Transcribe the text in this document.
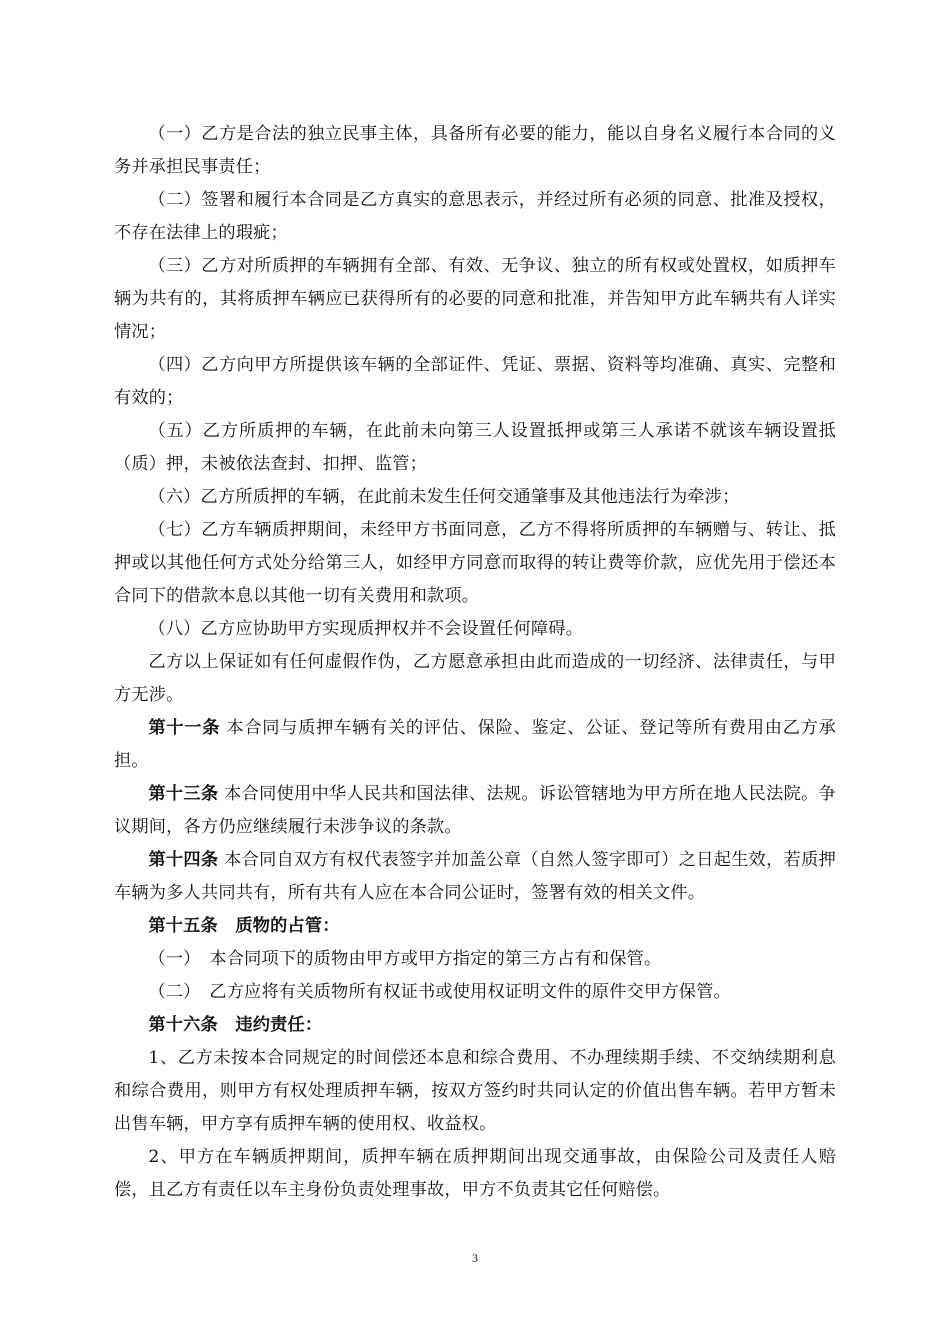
（一）乙方是合法的独立民事主体，具备所有必要的能力，能以自身名义履行本合同的义务并承担民事责任；

（二）签署和履行本合同是乙方真实的意思表示，并经过所有必须的同意、批准及授权，不存在法律上的瑕疵；

（三）乙方对所质押的车辆拥有全部、有效、无争议、独立的所有权或处置权，如质押车辆为共有的，其将质押车辆应已获得所有的必要的同意和批准，并告知甲方此车辆共有人详实情况；

（四）乙方向甲方所提供该车辆的全部证件、凭证、票据、资料等均准确、真实、完整和有效的；

（五）乙方所质押的车辆，在此前未向第三人设置抵押或第三人承诺不就该车辆设置抵（质）押，未被依法查封、扣押、监管；

（六）乙方所质押的车辆，在此前未发生任何交通肇事及其他违法行为牵涉；

（七）乙方车辆质押期间，未经甲方书面同意，乙方不得将所质押的车辆赠与、转让、抵押或以其他任何方式处分给第三人，如经甲方同意而取得的转让费等价款，应优先用于偿还本合同下的借款本息以其他一切有关费用和款项。

（八）乙方应协助甲方实现质押权并不会设置任何障碍。

乙方以上保证如有任何虚假作伪，乙方愿意承担由此而造成的一切经济、法律责任，与甲方无涉。

第十一条 本合同与质押车辆有关的评估、保险、鉴定、公证、登记等所有费用由乙方承担。

第十三条 本合同使用中华人民共和国法律、法规。诉讼管辖地为甲方所在地人民法院。争议期间，各方仍应继续履行未涉争议的条款。

第十四条 本合同自双方有权代表签字并加盖公章（自然人签字即可）之日起生效，若质押车辆为多人共同共有，所有共有人应在本合同公证时，签署有效的相关文件。

第十五条　质物的占管：

（一）　本合同项下的质物由甲方或甲方指定的第三方占有和保管。

（二）　乙方应将有关质物所有权证书或使用权证明文件的原件交甲方保管。

第十六条　违约责任：

1、乙方未按本合同规定的时间偿还本息和综合费用、不办理续期手续、不交纳续期利息和综合费用，则甲方有权处理质押车辆，按双方签约时共同认定的价值出售车辆。若甲方暂未出售车辆，甲方享有质押车辆的使用权、收益权。

2、甲方在车辆质押期间，质押车辆在质押期间出现交通事故，由保险公司及责任人赔偿，且乙方有责任以车主身份负责处理事故，甲方不负责其它任何赔偿。

3
